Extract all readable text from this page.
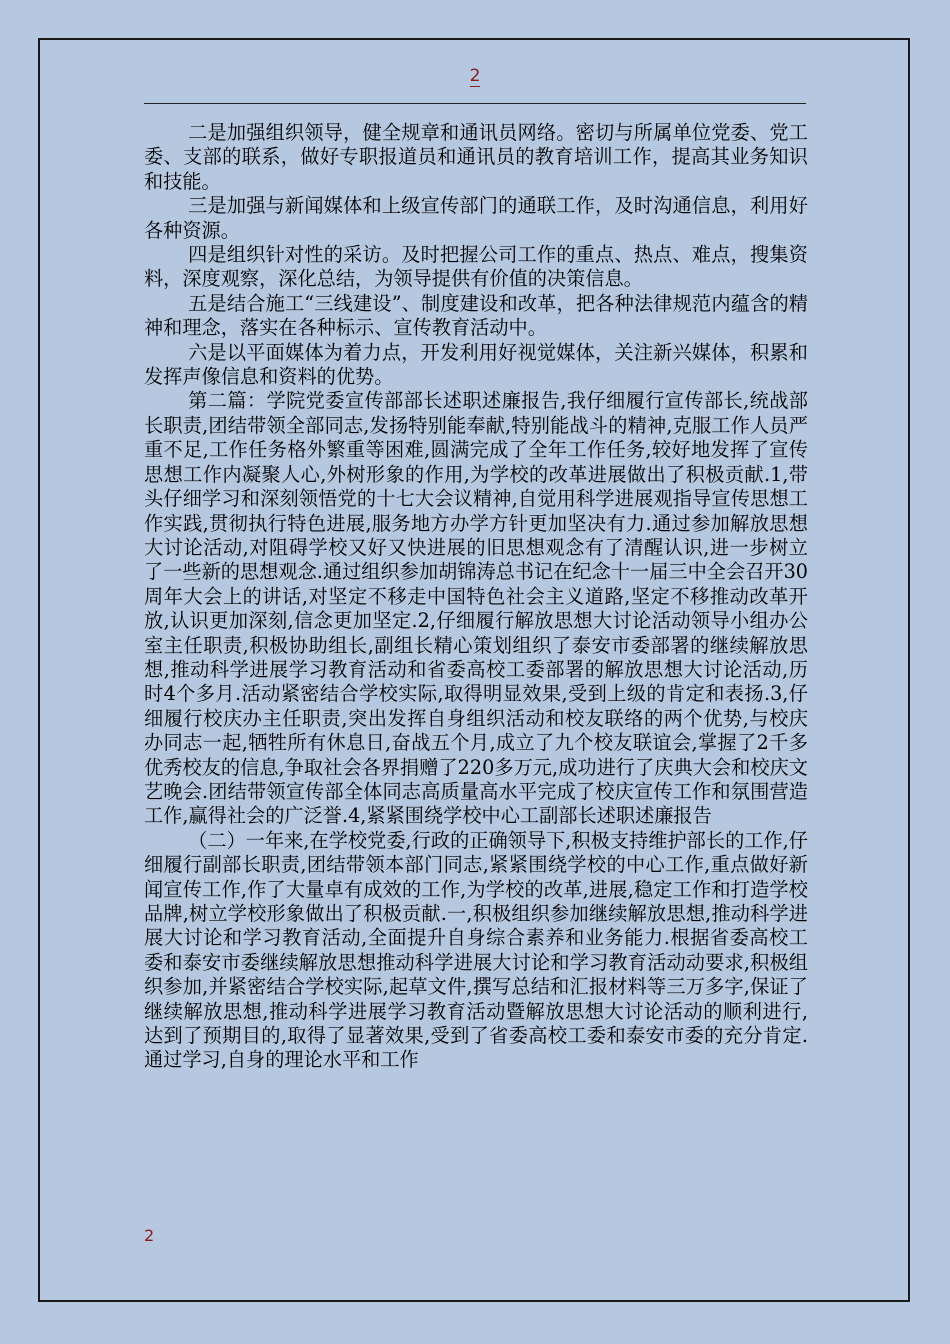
2

二是加强组织领导，健全规章和通讯员网络。密切与所属单位党委、党工委、支部的联系，做好专职报道员和通讯员的教育培训工作，提高其业务知识和技能。

三是加强与新闻媒体和上级宣传部门的通联工作，及时沟通信息，利用好各种资源。

四是组织针对性的采访。及时把握公司工作的重点、热点、难点，搜集资料，深度观察，深化总结，为领导提供有价值的决策信息。

五是结合施工“三线建设”、制度建设和改革，把各种法律规范内蕴含的精神和理念，落实在各种标示、宣传教育活动中。

六是以平面媒体为着力点，开发利用好视觉媒体，关注新兴媒体，积累和发挥声像信息和资料的优势。

第二篇：学院党委宣传部部长述职述廉报告,我仔细履行宣传部长,统战部长职责,团结带领全部同志,发扬特别能奉献,特别能战斗的精神,克服工作人员严重不足,工作任务格外繁重等困难,圆满完成了全年工作任务,较好地发挥了宣传思想工作内凝聚人心,外树形象的作用,为学校的改革进展做出了积极贡献.1,带头仔细学习和深刻领悟党的十七大会议精神,自觉用科学进展观指导宣传思想工作实践,贯彻执行特色进展,服务地方办学方针更加坚决有力.通过参加解放思想大讨论活动,对阻碍学校又好又快进展的旧思想观念有了清醒认识,进一步树立了一些新的思想观念.通过组织参加胡锦涛总书记在纪念十一届三中全会召开30周年大会上的讲话,对坚定不移走中国特色社会主义道路,坚定不移推动改革开放,认识更加深刻,信念更加坚定.2,仔细履行解放思想大讨论活动领导小组办公室主任职责,积极协助组长,副组长精心策划组织了泰安市委部署的继续解放思想,推动科学进展学习教育活动和省委高校工委部署的解放思想大讨论活动,历时4个多月.活动紧密结合学校实际,取得明显效果,受到上级的肯定和表扬.3,仔细履行校庆办主任职责,突出发挥自身组织活动和校友联络的两个优势,与校庆办同志一起,牺牲所有休息日,奋战五个月,成立了九个校友联谊会,掌握了2千多优秀校友的信息,争取社会各界捐赠了220多万元,成功进行了庆典大会和校庆文艺晚会.团结带领宣传部全体同志高质量高水平完成了校庆宣传工作和氛围营造工作,赢得社会的广泛誉.4,紧紧围绕学校中心工副部长述职述廉报告

（二）一年来,在学校党委,行政的正确领导下,积极支持维护部长的工作,仔细履行副部长职责,团结带领本部门同志,紧紧围绕学校的中心工作,重点做好新闻宣传工作,作了大量卓有成效的工作,为学校的改革,进展,稳定工作和打造学校品牌,树立学校形象做出了积极贡献.一,积极组织参加继续解放思想,推动科学进展大讨论和学习教育活动,全面提升自身综合素养和业务能力.根据省委高校工委和泰安市委继续解放思想推动科学进展大讨论和学习教育活动动要求,积极组织参加,并紧密结合学校实际,起草文件,撰写总结和汇报材料等三万多字,保证了继续解放思想,推动科学进展学习教育活动暨解放思想大讨论活动的顺利进行,达到了预期目的,取得了显著效果,受到了省委高校工委和泰安市委的充分肯定.通过学习,自身的理论水平和工作

2
